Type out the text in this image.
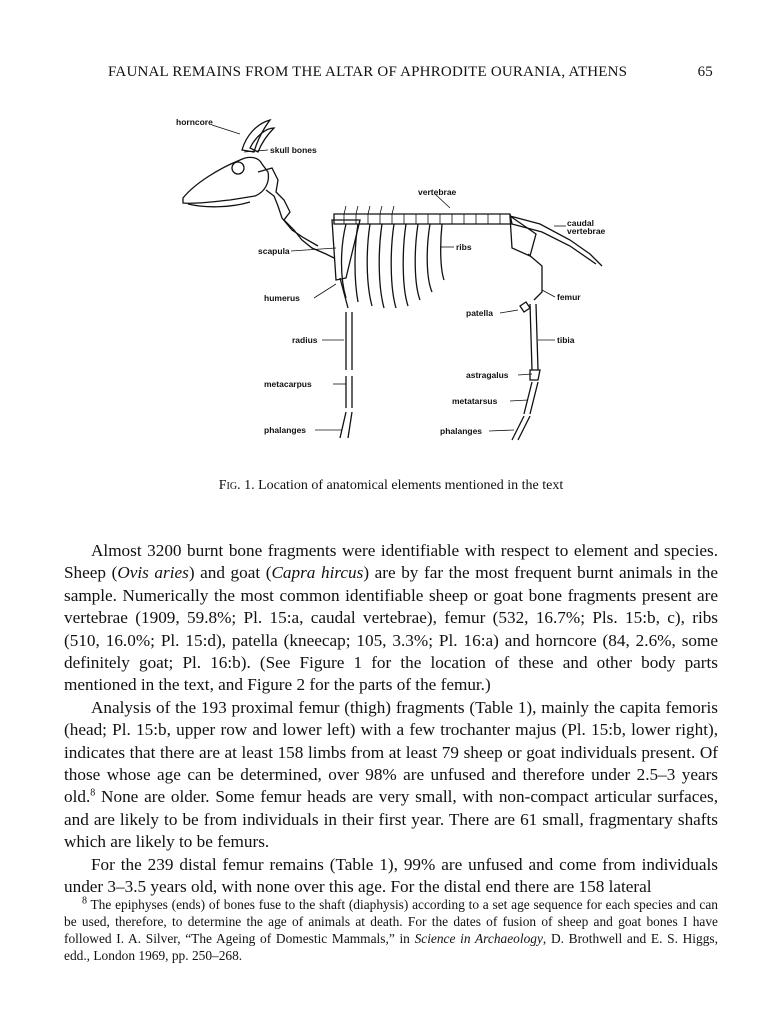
FAUNAL REMAINS FROM THE ALTAR OF APHRODITE OURANIA, ATHENS	65
horncore
skull bones
vertebrae
caudal
vertebrae
scapula	ribs
humerus	femur
patella
radius	tibia
astragalus
metacarpus
metatarsus
phalanges	phalanges
Fig. 1. Location of anatomical elements mentioned in the text

Almost 3200 burnt bone fragments were identifiable with respect to element and species. Sheep (Ovis aries) and goat (Capra hircus) are by far the most frequent burnt animals in the sample. Numerically the most common identifiable sheep or goat bone fragments present are vertebrae (1909, 59.8%; Pl. 15:a, caudal vertebrae), femur (532, 16.7%; Pls. 15:b, c), ribs (510, 16.0%; Pl. 15:d), patella (kneecap; 105, 3.3%; Pl. 16:a) and horncore (84, 2.6%, some definitely goat; Pl. 16:b). (See Figure 1 for the location of these and other body parts mentioned in the text, and Figure 2 for the parts of the femur.)

Analysis of the 193 proximal femur (thigh) fragments (Table 1), mainly the capita femoris (head; Pl. 15:b, upper row and lower left) with a few trochanter majus (Pl. 15:b, lower right), indicates that there are at least 158 limbs from at least 79 sheep or goat individuals present. Of those whose age can be determined, over 98% are unfused and therefore under 2.5–3 years old.$^8$ None are older. Some femur heads are very small, with non-compact articular surfaces, and are likely to be from individuals in their first year. There are 61 small, fragmentary shafts which are likely to be femurs.

For the 239 distal femur remains (Table 1), 99% are unfused and come from individuals under 3–3.5 years old, with none over this age. For the distal end there are 158 lateral

$^8$ The epiphyses (ends) of bones fuse to the shaft (diaphysis) according to a set age sequence for each species and can be used, therefore, to determine the age of animals at death. For the dates of fusion of sheep and goat bones I have followed I. A. Silver, “The Ageing of Domestic Mammals,” in Science in Archaeology, D. Brothwell and E. S. Higgs, edd., London 1969, pp. 250–268.
